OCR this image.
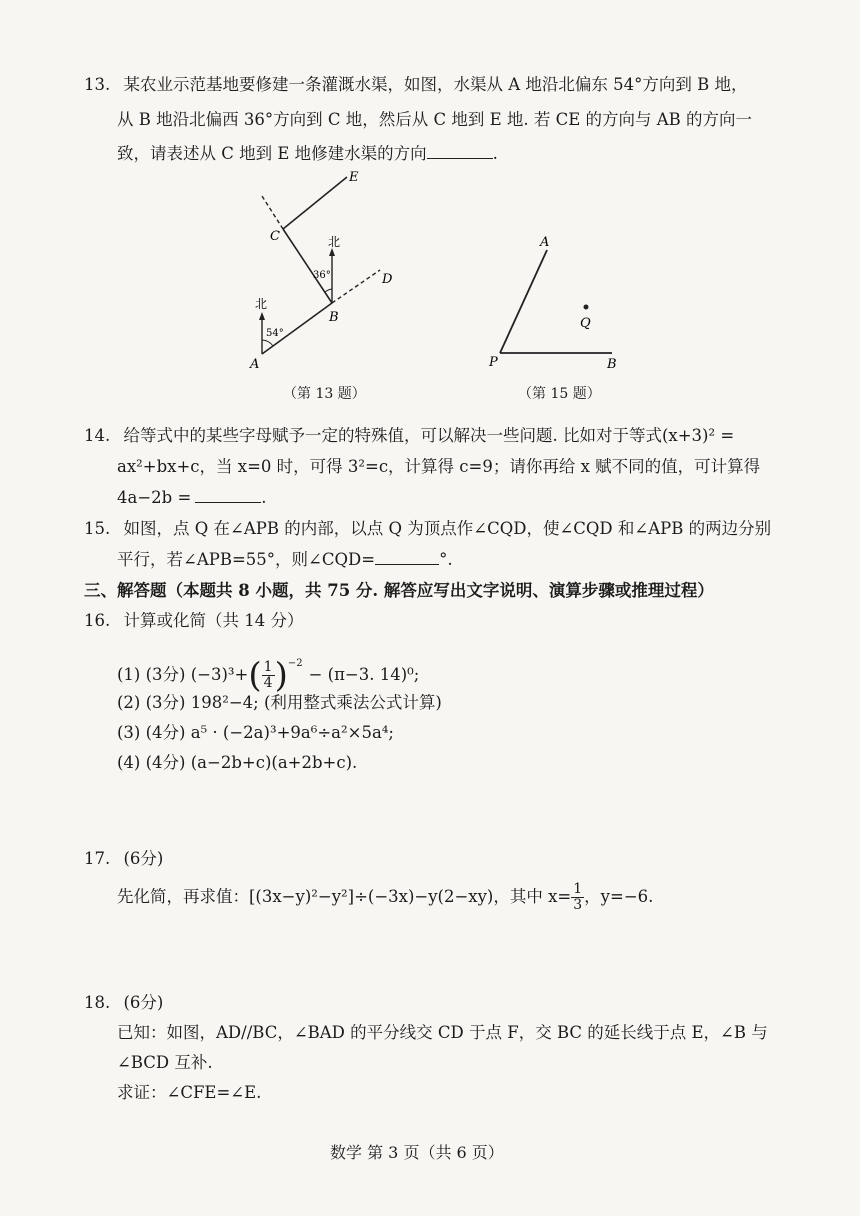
13. 某农业示范基地要修建一条灌溉水渠，如图，水渠从 A 地沿北偏东 54°方向到 B 地，
从 B 地沿北偏西 36°方向到 C 地，然后从 C 地到 E 地. 若 CE 的方向与 AB 的方向一
致，请表述从 C 地到 E 地修建水渠的方向	.
E
C
D
B
A
北
北
36°
54°
（第 13 题）
A
Q
P	B
（第 15 题）
14. 给等式中的某些字母赋予一定的特殊值，可以解决一些问题. 比如对于等式(x+3)² =
ax²+bx+c，当 x=0 时，可得 3²=c，计算得 c=9；请你再给 x 赋不同的值，可计算得
4a−2b =	.
15. 如图，点 Q 在∠APB 的内部，以点 Q 为顶点作∠CQD，使∠CQD 和∠APB 的两边分别
平行，若∠APB=55°，则∠CQD=	°.
三、解答题（本题共 8 小题，共 75 分. 解答应写出文字说明、演算步骤或推理过程）
16. 计算或化简（共 14 分）
(1) (3分) $(-3)^3+( \frac{1}{4} )^{-2}- (\pi-3$. 14)⁰;
(2) (3分) 198²−4; (利用整式乘法公式计算)
(3) (4分) a⁵ · (−2a)³+9a⁶÷a²×5a⁴;
(4) (4分) (a−2b+c)(a+2b+c).
17. (6分)
先化简，再求值：[(3x−y)²−y²]÷(−3x)−y(2−xy)，其中 $x= \frac{1}{3}$ ，y=−6.
18. (6分)
已知：如图，AD//BC，∠BAD 的平分线交 CD 于点 F，交 BC 的延长线于点 E，∠B 与
∠BCD 互补.
求证：∠CFE=∠E.
数学 第 3 页（共 6 页）
